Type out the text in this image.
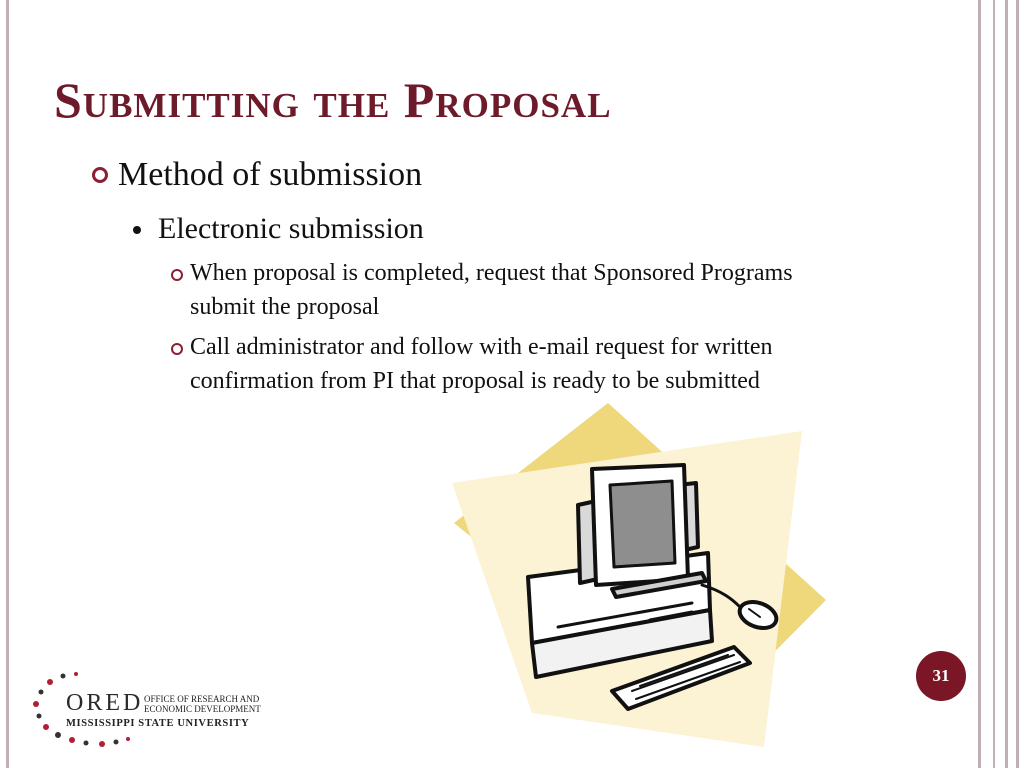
Submitting the Proposal

Method of submission

Electronic submission

When proposal is completed, request that Sponsored Programs submit the proposal

Call administrator and follow with e-mail request for written confirmation from PI that proposal is ready to be submitted

31

ORED OFFICE OF RESEARCH AND

ECONOMIC DEVELOPMENT

MISSISSIPPI STATE UNIVERSITY
